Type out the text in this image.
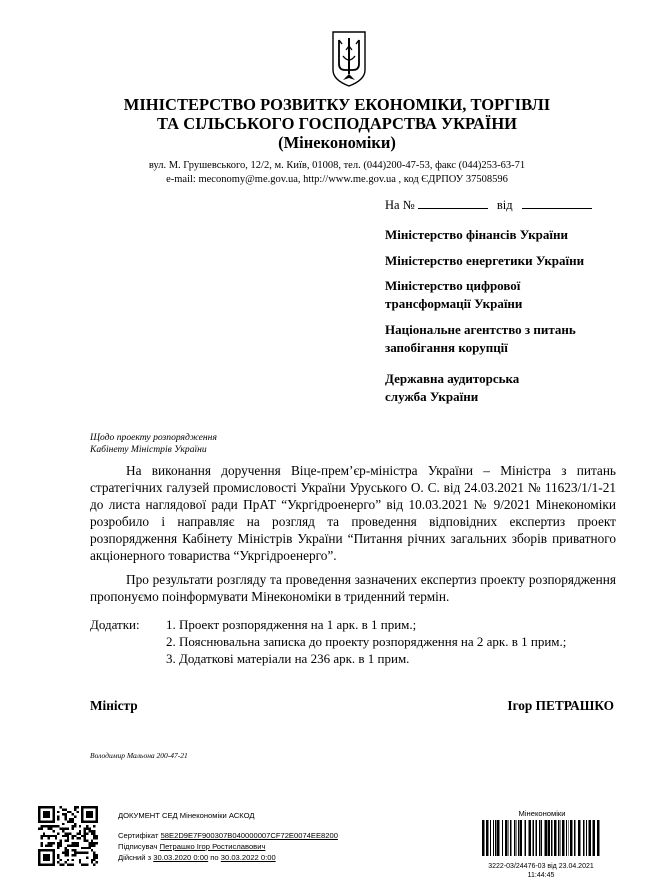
МІНІСТЕРСТВО РОЗВИТКУ ЕКОНОМІКИ, ТОРГІВЛІ
ТА СІЛЬСЬКОГО ГОСПОДАРСТВА УКРАЇНИ
(Мінекономіки)
вул. М. Грушевського, 12/2, м. Київ, 01008, тел. (044)200-47-53, факс (044)253-63-71
e-mail: meconomy@me.gov.ua, http://www.me.gov.ua , код ЄДРПОУ 37508596
На №	від
Міністерство фінансів України
Міністерство енергетики України
Міністерство цифрової
трансформації України
Національне агентство з питань
запобігання корупції
Державна аудиторська
служба України
Щодо проекту розпорядження
Кабінету Міністрів України

На виконання доручення Віце-прем’єр-міністра України – Міністра з питань стратегічних галузей промисловості України Уруського О. С. від 24.03.2021 № 11623/1/1-21 до листа наглядової ради ПрАТ “Укргідроенерго” від 10.03.2021 № 9/2021 Мінекономіки розробило і направляє на розгляд та проведення відповідних експертиз проект розпорядження Кабінету Міністрів України “Питання річних загальних зборів приватного акціонерного товариства “Укргідроенерго”.

Про результати розгляду та проведення зазначених експертиз проекту розпорядження пропонуємо поінформувати Мінекономіки в триденний термін.

Додатки: 1. Проект розпорядження на 1 арк. в 1 прим.;
2. Пояснювальна записка до проекту розпорядження на 2 арк. в 1 прим.;
3. Додаткові матеріали на 236 арк. в 1 прим.
Міністр	Ігор ПЕТРАШКО
Володимир Мальона 200-47-21
ДОКУМЕНТ СЕД Мінекономіки АСКОД
Сертифікат 58E2D9E7F900307B040000007CF72E0074EE8200
Підписувач Петрашко Ігор Ростиславович
Дійсний з 30.03.2020 0:00 по 30.03.2022 0:00
Мінекономіки
3222-03/24476-03 від 23.04.2021
11:44:45
